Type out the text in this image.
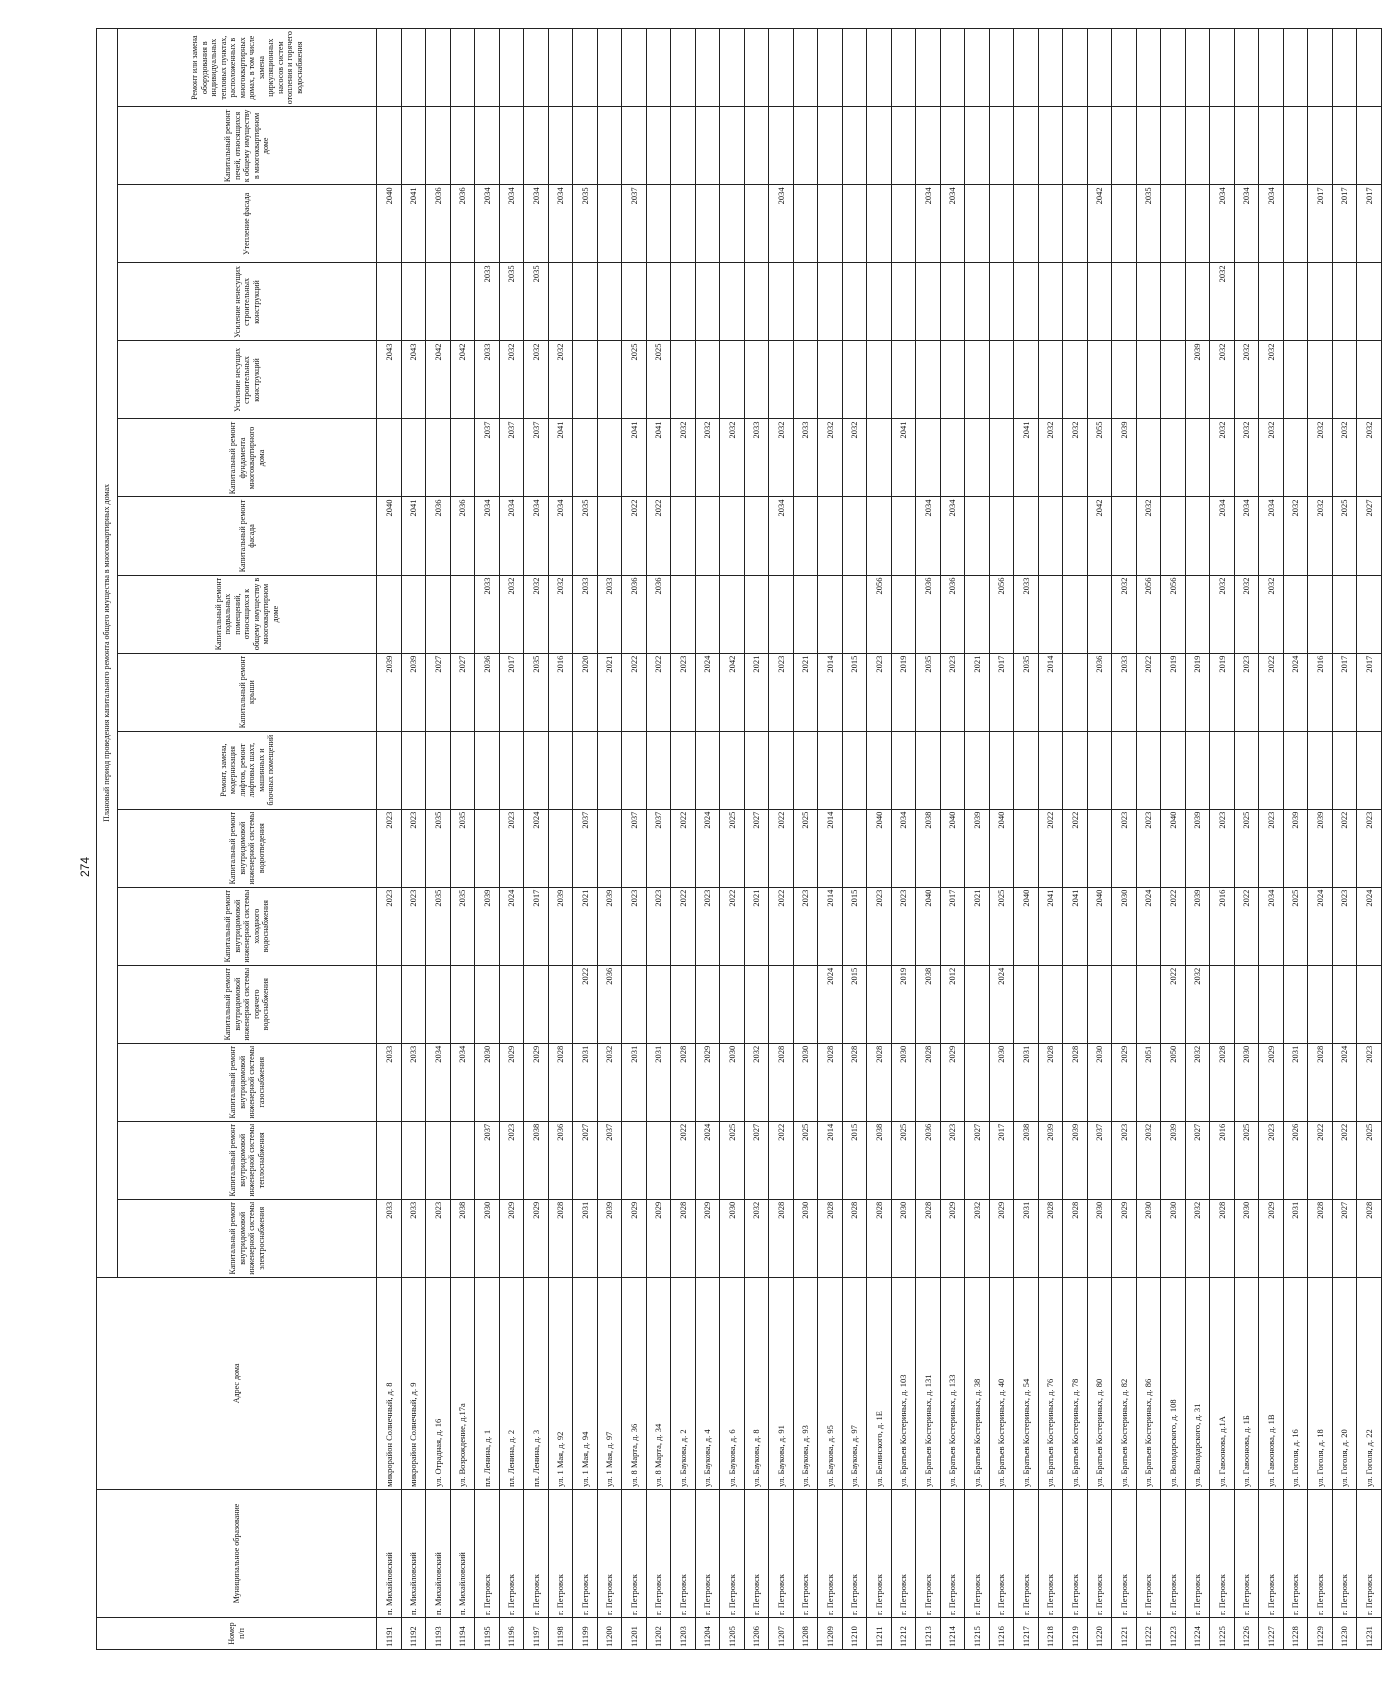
274
Номер п/п	Муниципальное образование	Адрес дома	Плановый период проведения капитального ремонта общего имущества в многоквартирных домах															
			Капитальный ремонт внутридомовой инженерной системы электроснабжения	Капитальный ремонт внутридомовой инженерной системы теплоснабжения	Капитальный ремонт внутридомовой инженерной системы газоснабжения	Капитальный ремонт внутридомовой инженерной системы горячего водоснабжения	Капитальный ремонт внутридомовой инженерной системы холодного водоснабжения	Капитальный ремонт внутридомовой инженерной системы водоотведения	Ремонт, замена, модернизация лифтов, ремонт лифтовых шахт, машинных и блочных помещений	Капитальный ремонт крыши	Капитальный ремонт подвальных помещений, относящихся к общему имуществу в многоквартирном доме	Капитальный ремонт фасада	Капитальный ремонт фундамента многоквартирного дома	Усиление несущих строительных конструкций	Усиление ненесущих строительных конструкций	Утепление фасада	Капитальный ремонт печей, относящихся к общему имуществу в многоквартирном доме	Ремонт или замена оборудования в индивидуальных тепловых пунктах, расположенных в многоквартирных домах, в том числе замена циркуляционных насосов систем отопления и горячего водоснабжения
11191	п. Михайловский	микрорайон Солнечный, д. 8	2033		2033		2023	2023		2039		2040		2043		2040		
11192	п. Михайловский	микрорайон Солнечный, д. 9	2033		2033		2023	2023		2039		2041		2043		2041		
11193	п. Михайловский	ул. Отрадная, д. 16	2023		2034		2035	2035		2027		2036		2042		2036		
11194	п. Михайловский	ул. Возрождение, д.17а	2038		2034		2035	2035		2027		2036		2042		2036		
11195	г. Петровск	пл. Ленина, д. 1	2030	2037	2030		2039			2036	2033	2034	2037	2033	2033	2034		
11196	г. Петровск	пл. Ленина, д. 2	2029	2023	2029		2024	2023		2017	2032	2034	2037	2032	2035	2034		
11197	г. Петровск	пл. Ленина, д. 3	2029	2038	2029		2017	2024		2035	2032	2034	2037	2032	2035	2034		
11198	г. Петровск	ул. 1 Мая, д. 92	2028	2036	2028		2039			2016	2032	2034	2041	2032		2034		
11199	г. Петровск	ул. 1 Мая, д. 94	2031	2027	2031	2022	2021	2037		2020	2033	2035				2035		
11200	г. Петровск	ул. 1 Мая, д. 97	2039	2037	2032	2036	2039			2021	2033							
11201	г. Петровск	ул. 8 Марта, д. 36	2029		2031		2023	2037		2022	2036	2022	2041	2025		2037		
11202	г. Петровск	ул. 8 Марта, д. 34	2029		2031		2023	2037		2022	2036	2022	2041	2025				
11203	г. Петровск	ул. Баукова, д. 2	2028	2022	2028		2022	2022		2023			2032					
11204	г. Петровск	ул. Баукова, д. 4	2029	2024	2029		2023	2024		2024			2032					
11205	г. Петровск	ул. Баукова, д. 6	2030	2025	2030		2022	2025		2042			2032					
11206	г. Петровск	ул. Баукова, д. 8	2032	2027	2032		2021	2027		2021			2033					
11207	г. Петровск	ул. Баукова, д. 91	2028	2022	2028		2022	2022		2023		2034	2032			2034		
11208	г. Петровск	ул. Баукова, д. 93	2030	2025	2030		2023	2025		2021			2033					
11209	г. Петровск	ул. Баукова, д. 95	2028	2014	2028	2024	2014	2014		2014			2032					
11210	г. Петровск	ул. Баукова, д. 97	2028	2015	2028	2015	2015			2015			2032					
11211	г. Петровск	ул. Белинского, д. 1Е	2028	2038	2028		2023	2040		2023	2056							
11212	г. Петровск	ул. Братьев Костериных, д. 103	2030	2025	2030	2019	2023	2034		2019			2041					
11213	г. Петровск	ул. Братьев Костериных, д. 131	2028	2036	2028	2038	2040	2038		2035	2036	2034				2034		
11214	г. Петровск	ул. Братьев Костериных, д. 133	2029	2023	2029	2012	2017	2040		2023	2036	2034				2034		
11215	г. Петровск	ул. Братьев Костериных, д. 38	2032	2027			2021	2039		2021								
11216	г. Петровск	ул. Братьев Костериных, д. 40	2029	2017	2030	2024	2025	2040		2017	2056							
11217	г. Петровск	ул. Братьев Костериных, д. 54	2031	2038	2031		2040			2035	2033		2041					
11218	г. Петровск	ул. Братьев Костериных, д. 76	2028	2039	2028		2041	2022		2014			2032					
11219	г. Петровск	ул. Братьев Костериных, д. 78	2028	2039	2028		2041	2022					2032					
11220	г. Петровск	ул. Братьев Костериных, д. 80	2030	2037	2030		2040			2036		2042	2055			2042		
11221	г. Петровск	ул. Братьев Костериных, д. 82	2029	2023	2029		2030	2023		2033	2032		2039					
11222	г. Петровск	ул. Братьев Костериных, д. 86	2030	2032	2051		2024	2023		2022	2056	2032				2035		
11223	г. Петровск	ул. Володарского, д. 108	2030	2039	2050	2022	2022	2040		2019	2056							
11224	г. Петровск	ул. Володарского, д. 31	2032	2027	2032	2032	2039	2039		2019				2039				
11225	г. Петровск	ул. Гавоонова, д.1А	2028	2016	2028		2016	2023		2019	2032	2034	2032	2032	2032	2034		
11226	г. Петровск	ул. Гавоонова, д. 1Б	2030	2025	2030		2022	2025		2023	2032	2034	2032	2032		2034		
11227	г. Петровск	ул. Гавоонова, д. 1В	2029	2023	2029		2034	2023		2022	2032	2034	2032	2032		2034		
11228	г. Петровск	ул. Гоголя, д. 16	2031	2026	2031		2025	2039		2024		2032						
11229	г. Петровск	ул. Гоголя, д. 18	2028	2022	2028		2024	2039		2016		2032	2032			2017		
11230	г. Петровск	ул. Гоголя, д. 20	2027	2022	2024		2023	2022		2017		2025	2032			2017		
11231	г. Петровск	ул. Гоголя, д. 22	2028	2025	2023		2024	2023		2017		2027	2032			2017		
